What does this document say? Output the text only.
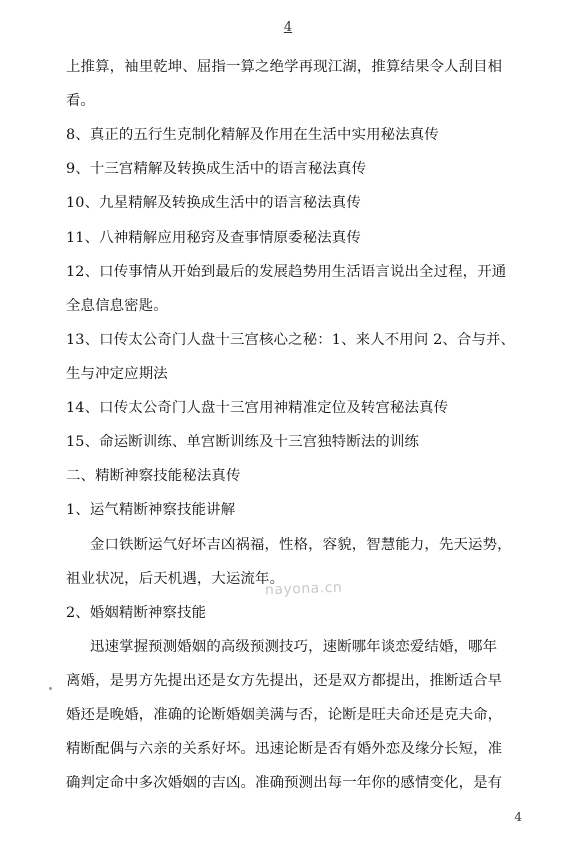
4
上推算，袖里乾坤、屈指一算之绝学再现江湖，推算结果令人刮目相
看。
8、真正的五行生克制化精解及作用在生活中实用秘法真传
9、十三宫精解及转换成生活中的语言秘法真传
10、九星精解及转换成生活中的语言秘法真传
11、八神精解应用秘窍及查事情原委秘法真传
12、口传事情从开始到最后的发展趋势用生活语言说出全过程，开通
全息信息密匙。
13、口传太公奇门人盘十三宫核心之秘：1、来人不用问 2、合与并、
生与冲定应期法
14、口传太公奇门人盘十三宫用神精准定位及转宫秘法真传
15、命运断训练、单宫断训练及十三宫独特断法的训练
二、精断神察技能秘法真传
1、运气精断神察技能讲解
金口铁断运气好坏吉凶祸福，性格，容貌，智慧能力，先天运势，
祖业状况，后天机遇，大运流年。
2、婚姻精断神察技能
迅速掌握预测婚姻的高级预测技巧，速断哪年谈恋爱结婚，哪年
离婚，是男方先提出还是女方先提出，还是双方都提出，推断适合早
婚还是晚婚，准确的论断婚姻美满与否，论断是旺夫命还是克夫命，
精断配偶与六亲的关系好坏。迅速论断是否有婚外恋及缘分长短，准
确判定命中多次婚姻的吉凶。准确预测出每一年你的感情变化，是有
nayona.cn
4
